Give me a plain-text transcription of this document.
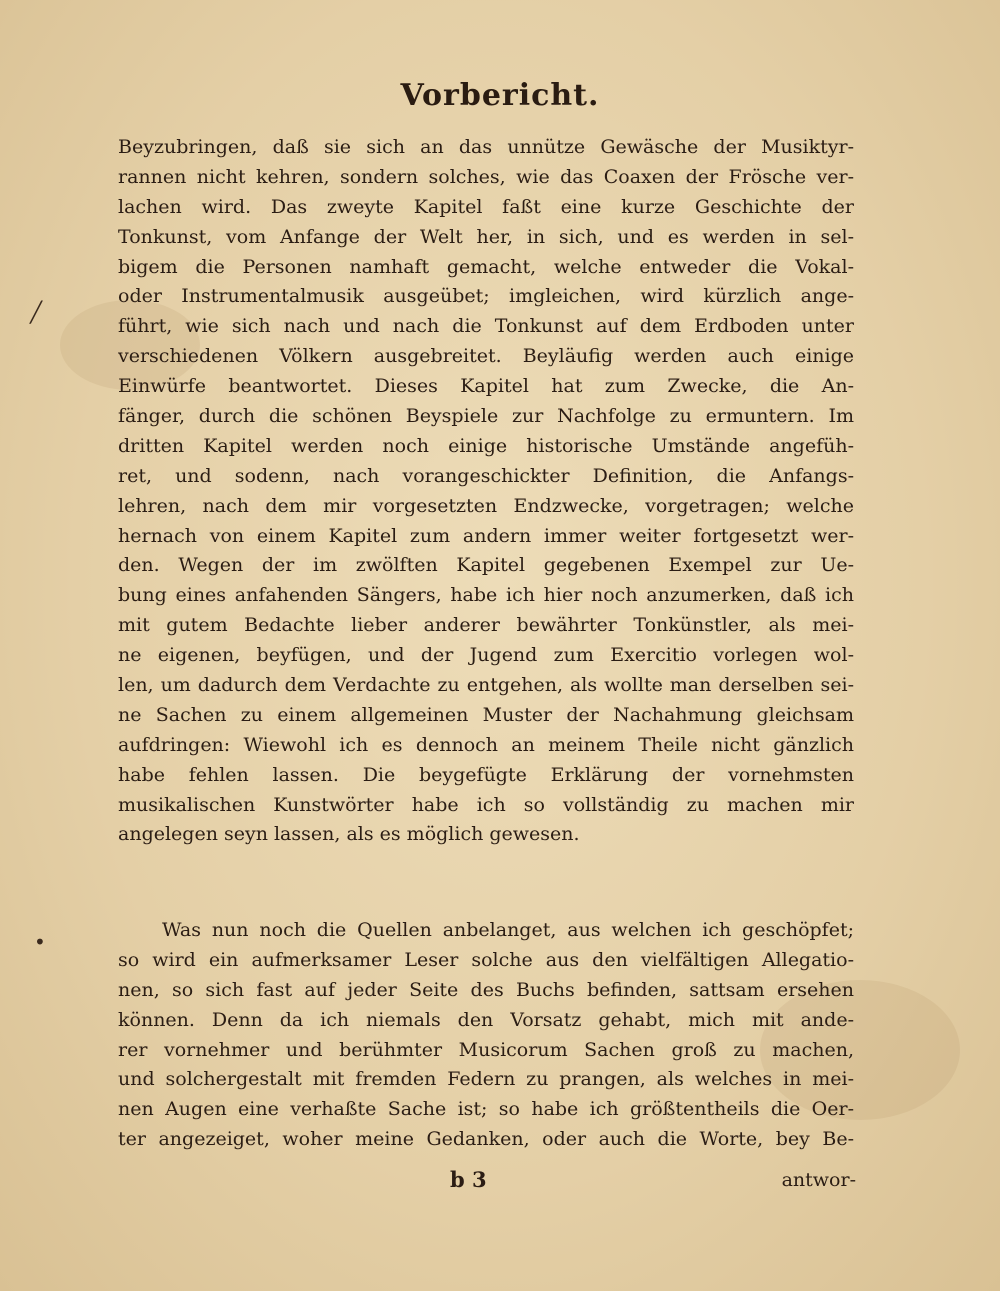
Vorbericht.
╱
•
Beyzubringen, daß sie sich an das unnütze Gewäsche der Musiktyr-
rannen nicht kehren, sondern solches, wie das Coaxen der Frösche ver-
lachen wird. Das zweyte Kapitel faßt eine kurze Geschichte der
Tonkunst, vom Anfange der Welt her, in sich, und es werden in sel-
bigem die Personen namhaft gemacht, welche entweder die Vokal-
oder Instrumentalmusik ausgeübet; imgleichen, wird kürzlich ange-
führt, wie sich nach und nach die Tonkunst auf dem Erdboden unter
verschiedenen Völkern ausgebreitet. Beyläufig werden auch einige
Einwürfe beantwortet. Dieses Kapitel hat zum Zwecke, die An-
fänger, durch die schönen Beyspiele zur Nachfolge zu ermuntern. Im
dritten Kapitel werden noch einige historische Umstände angefüh-
ret, und sodenn, nach vorangeschickter Definition, die Anfangs-
lehren, nach dem mir vorgesetzten Endzwecke, vorgetragen; welche
hernach von einem Kapitel zum andern immer weiter fortgesetzt wer-
den. Wegen der im zwölften Kapitel gegebenen Exempel zur Ue-
bung eines anfahenden Sängers, habe ich hier noch anzumerken, daß ich
mit gutem Bedachte lieber anderer bewährter Tonkünstler, als mei-
ne eigenen, beyfügen, und der Jugend zum Exercitio vorlegen wol-
len, um dadurch dem Verdachte zu entgehen, als wollte man derselben sei-
ne Sachen zu einem allgemeinen Muster der Nachahmung gleichsam
aufdringen: Wiewohl ich es dennoch an meinem Theile nicht gänzlich
habe fehlen lassen. Die beygefügte Erklärung der vornehmsten
musikalischen Kunstwörter habe ich so vollständig zu machen mir
angelegen seyn lassen, als es möglich gewesen.
Was nun noch die Quellen anbelanget, aus welchen ich geschöpfet;
so wird ein aufmerksamer Leser solche aus den vielfältigen Allegatio-
nen, so sich fast auf jeder Seite des Buchs befinden, sattsam ersehen
können. Denn da ich niemals den Vorsatz gehabt, mich mit ande-
rer vornehmer und berühmter Musicorum Sachen groß zu machen,
und solchergestalt mit fremden Federn zu prangen, als welches in mei-
nen Augen eine verhaßte Sache ist; so habe ich größtentheils die Oer-
ter angezeiget, woher meine Gedanken, oder auch die Worte, bey Be-
b 3	antwor-
